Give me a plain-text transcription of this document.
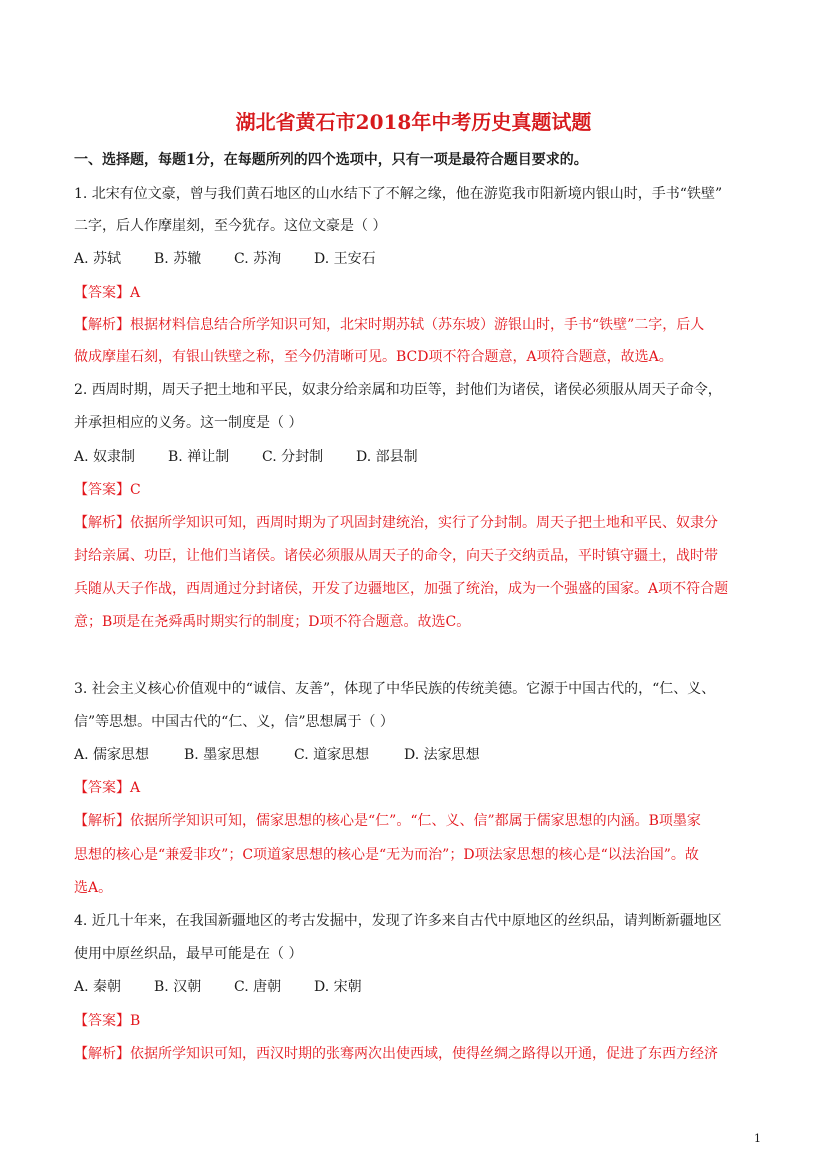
湖北省黄石市2018年中考历史真题试题
一、选择题，每题1分，在每题所列的四个选项中，只有一项是最符合题目要求的。
1. 北宋有位文豪，曾与我们黄石地区的山水结下了不解之缘，他在游览我市阳新境内银山时，手书“铁壁”
二字，后人作摩崖刻，至今犹存。这位文豪是（ ）
A. 苏轼 B. 苏辙 C. 苏洵 D. 王安石
【答案】A
【解析】根据材料信息结合所学知识可知，北宋时期苏轼（苏东坡）游银山时，手书“铁壁”二字，后人
做成摩崖石刻，有银山铁壁之称，至今仍清晰可见。BCD项不符合题意，A项符合题意，故选A。
2. 西周时期，周天子把土地和平民，奴隶分给亲属和功臣等，封他们为诸侯，诸侯必须服从周天子命令，
并承担相应的义务。这一制度是（ ）
A. 奴隶制 B. 禅让制 C. 分封制 D. 部县制
【答案】C
【解析】依据所学知识可知，西周时期为了巩固封建统治，实行了分封制。周天子把土地和平民、奴隶分
封给亲属、功臣，让他们当诸侯。诸侯必须服从周天子的命令，向天子交纳贡品，平时镇守疆土，战时带
兵随从天子作战，西周通过分封诸侯，开发了边疆地区，加强了统治，成为一个强盛的国家。A项不符合题
意；B项是在尧舜禹时期实行的制度；D项不符合题意。故选C。
3. 社会主义核心价值观中的“诚信、友善”，体现了中华民族的传统美德。它源于中国古代的，“仁、义、
信”等思想。中国古代的“仁、义，信”思想属于（ ）
A. 儒家思想 B. 墨家思想 C. 道家思想 D. 法家思想
【答案】A
【解析】依据所学知识可知，儒家思想的核心是“仁”。“仁、义、信”都属于儒家思想的内涵。B项墨家
思想的核心是“兼爱非攻”；C项道家思想的核心是“无为而治”；D项法家思想的核心是“以法治国”。故
选A。
4. 近几十年来，在我国新疆地区的考古发掘中，发现了许多来自古代中原地区的丝织品，请判断新疆地区
使用中原丝织品，最早可能是在（ ）
A. 秦朝 B. 汉朝 C. 唐朝 D. 宋朝
【答案】B
【解析】依据所学知识可知，西汉时期的张骞两次出使西域，使得丝绸之路得以开通，促进了东西方经济
1
